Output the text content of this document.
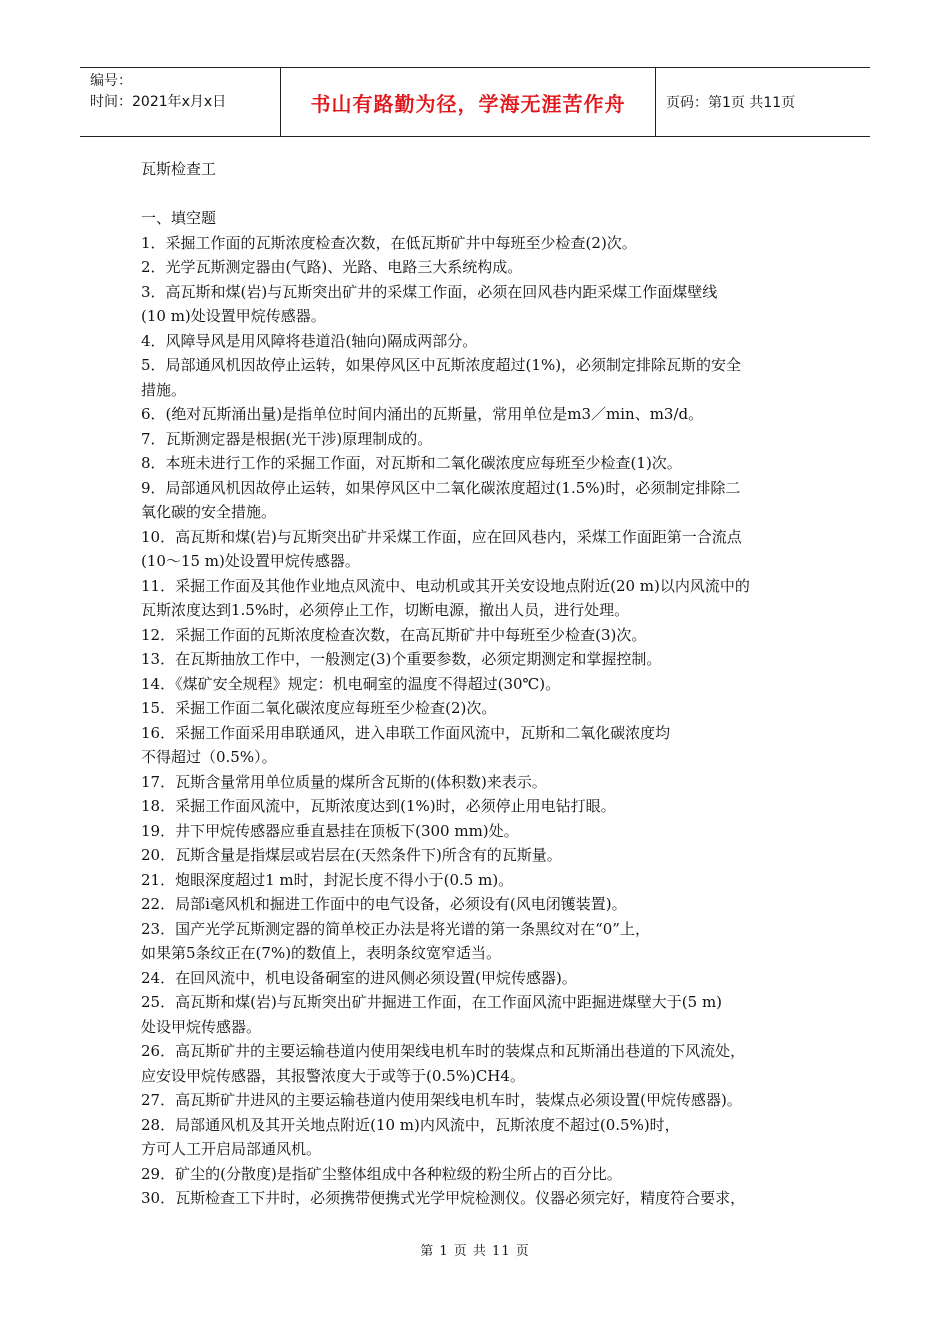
编号：
时间：2021年x月x日	书山有路勤为径，学海无涯苦作舟	页码：第1页 共11页

瓦斯检查工

一、填空题

1．采掘工作面的瓦斯浓度检查次数，在低瓦斯矿井中每班至少检查(2)次。

2．光学瓦斯测定器由(气路)、光路、电路三大系统构成。

3．高瓦斯和煤(岩)与瓦斯突出矿井的采煤工作面，必须在回风巷内距采煤工作面煤壁线

(10 m)处设置甲烷传感器。

4．风障导风是用风障将巷道沿(轴向)隔成两部分。

5．局部通风机因故停止运转，如果停风区中瓦斯浓度超过(1%)，必须制定排除瓦斯的安全

措施。

6．(绝对瓦斯涌出量)是指单位时间内涌出的瓦斯量，常用单位是m3／min、m3/d。

7．瓦斯测定器是根据(光干涉)原理制成的。

8．本班未进行工作的采掘工作面，对瓦斯和二氧化碳浓度应每班至少检查(1)次。

9．局部通风机因故停止运转，如果停风区中二氧化碳浓度超过(1.5%)时，必须制定排除二

氧化碳的安全措施。

10．高瓦斯和煤(岩)与瓦斯突出矿井采煤工作面，应在回风巷内，采煤工作面距第一合流点

(10～15 m)处设置甲烷传感器。

11．采掘工作面及其他作业地点风流中、电动机或其开关安设地点附近(20 m)以内风流中的

瓦斯浓度达到1.5%时，必须停止工作，切断电源，撤出人员，进行处理。

12．采掘工作面的瓦斯浓度检查次数，在高瓦斯矿井中每班至少检查(3)次。

13．在瓦斯抽放工作中，一般测定(3)个重要参数，必须定期测定和掌握控制。

14．《煤矿安全规程》规定：机电硐室的温度不得超过(30℃)。

15．采掘工作面二氧化碳浓度应每班至少检查(2)次。

16．采掘工作面采用串联通风，进入串联工作面风流中，瓦斯和二氧化碳浓度均

不得超过（0.5%）。

17．瓦斯含量常用单位质量的煤所含瓦斯的(体积数)来表示。

18．采掘工作面风流中，瓦斯浓度达到(1%)时，必须停止用电钻打眼。

19．井下甲烷传感器应垂直悬挂在顶板下(300 mm)处。

20．瓦斯含量是指煤层或岩层在(天然条件下)所含有的瓦斯量。

21．炮眼深度超过1 m时，封泥长度不得小于(0.5 m)。

22．局部i毫风机和掘进工作面中的电气设备，必须设有(风电闭镬装置)。

23．国产光学瓦斯测定器的简单校正办法是将光谱的第一条黑纹对在“0”上，

如果第5条纹正在(7%)的数值上，表明条纹宽窄适当。

24．在回风流中，机电设备硐室的进风侧必须设置(甲烷传感器)。

25．高瓦斯和煤(岩)与瓦斯突出矿井掘进工作面，在工作面风流中距掘进煤壁大于(5 m)

处设甲烷传感器。

26．高瓦斯矿井的主要运输巷道内使用架线电机车时的装煤点和瓦斯涌出巷道的下风流处，

应安设甲烷传感器，其报警浓度大于或等于(0.5%)CH4。

27．高瓦斯矿井进风的主要运输巷道内使用架线电机车时，装煤点必须设置(甲烷传感器)。

28．局部通风机及其开关地点附近(10 m)内风流中，瓦斯浓度不超过(0.5%)时，

方可人工开启局部通风机。

29．矿尘的(分散度)是指矿尘整体组成中各种粒级的粉尘所占的百分比。

30．瓦斯检查工下井时，必须携带便携式光学甲烷检测仪。仪器必须完好，精度符合要求，

第 1 页 共 11 页
